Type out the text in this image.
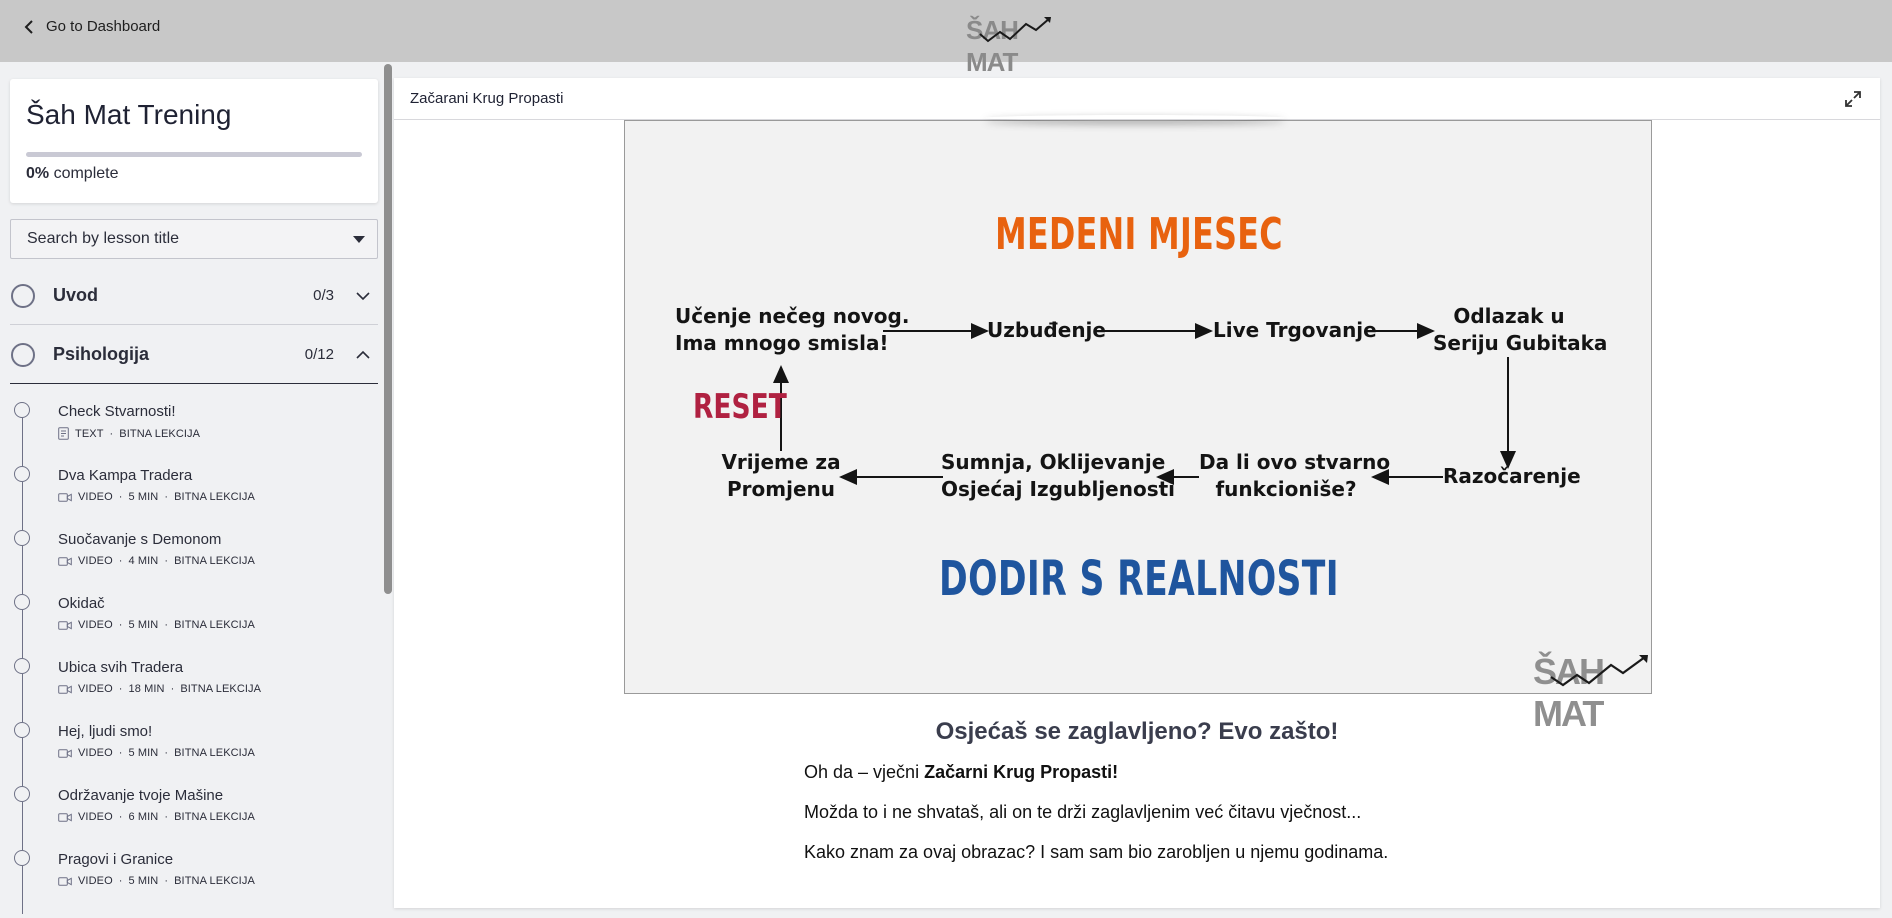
Go to Dashboard	ŠAH MAT
Šah Mat Trening
0% complete
Search by lesson title
Uvod	0/3
Psihologija	0/12
Check Stvarnosti!
TEXT · BITNA LEKCIJA
Dva Kampa Tradera
VIDEO · 5 MIN · BITNA LEKCIJA
Suočavanje s Demonom
VIDEO · 4 MIN · BITNA LEKCIJA
Okidač
VIDEO · 5 MIN · BITNA LEKCIJA
Ubica svih Tradera
VIDEO · 18 MIN · BITNA LEKCIJA
Hej, ljudi smo!
VIDEO · 5 MIN · BITNA LEKCIJA
Održavanje tvoje Mašine
VIDEO · 6 MIN · BITNA LEKCIJA
Pragovi i Granice
VIDEO · 5 MIN · BITNA LEKCIJA
Začarani Krug Propasti
MEDENI MJESEC
Učenje nečeg novog.
Ima mnogo smisla!
Uzbuđenje	Live Trgovanje
Odlazak u
Seriju Gubitaka
Razočarenje
Da li ovo stvarno
funkcioniše?
Sumnja, Oklijevanje
Osjećaj Izgubljenosti
Vrijeme za
Promjenu
RESET
DODIR S REALNOSTI
ŠAH MAT
Osjećaš se zaglavljeno? Evo zašto!
Oh da – vječni Začarni Krug Propasti!
Možda to i ne shvataš, ali on te drži zaglavljenim već čitavu vječnost...
Kako znam za ovaj obrazac? I sam sam bio zarobljen u njemu godinama.
